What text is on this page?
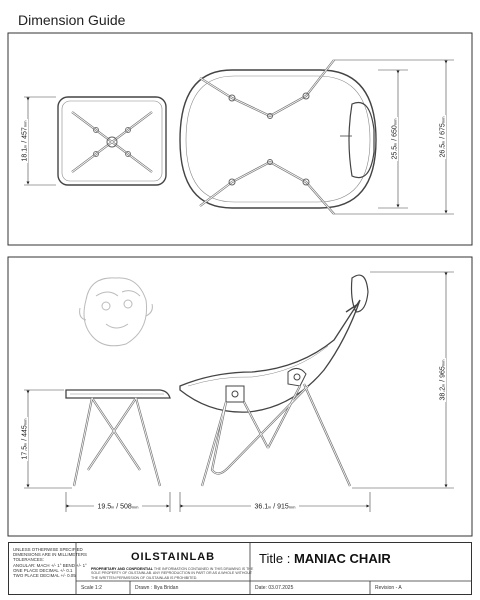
Dimension Guide
18.1in / 457mm
25.5in / 650mm
26.5in / 675mm
17.5in / 445mm
19.5in / 508mm	36.1in / 915mm
38.2in / 965mm
UNLESS OTHERWISE SPECIFIED
DIMENSIONS ARE IN MILLIMETERS
TOLERANCES:
ANGULAR: MACH +/- 1° BEND +/- 1°
ONE PLACE DECIMAL +/- 0.1
TWO PLACE DECIMAL +/- 0.05
OILSTAINLAB
PROPRIETARY AND CONFIDENTIAL THE INFORMATION CONTAINED IN THIS DRAWING IS THE SOLE PROPERTY OF OILSTAINLAB. ANY REPRODUCTION IN PART OR AS A WHOLE WITHOUT THE WRITTEN PERMISSION OF OILSTAINLAB IS PROHIBITED.
Title : MANIAC CHAIR
Scale 1:2	Drawn : Iliya Bridan	Date: 03.07.2025	Revision - A
